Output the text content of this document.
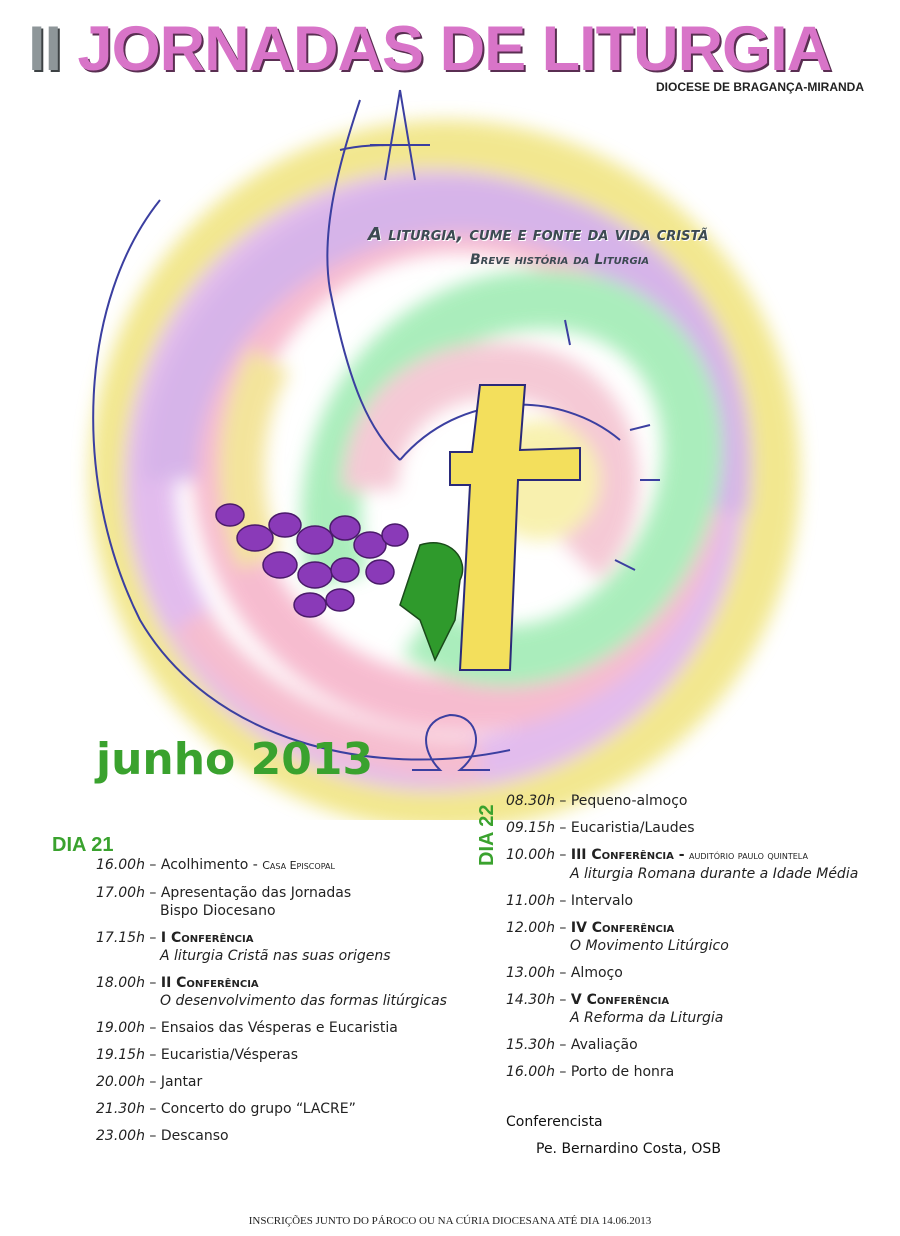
II JORNADAS DE LITURGIA
DIOCESE DE BRAGANÇA-MIRANDA
A liturgia, cume e fonte da vida cristã
Breve história da Liturgia
junho 2013
DIA 21	DIA 22
16.00h – Acolhimento - Casa Episcopal
17.00h – Apresentação das Jornadas
Bispo Diocesano
17.15h – I Conferência
A liturgia Cristã nas suas origens
18.00h – II Conferência
O desenvolvimento das formas litúrgicas
19.00h – Ensaios das Vésperas e Eucaristia
19.15h – Eucaristia/Vésperas
20.00h – Jantar
21.30h – Concerto do grupo “LACRE”
23.00h – Descanso
08.30h – Pequeno-almoço
09.15h – Eucaristia/Laudes
10.00h – III Conferência - auditório paulo quintela
A liturgia Romana durante a Idade Média
11.00h – Intervalo
12.00h – IV Conferência
O Movimento Litúrgico
13.00h – Almoço
14.30h – V Conferência
A Reforma da Liturgia
15.30h – Avaliação
16.00h – Porto de honra
Conferencista
Pe. Bernardino Costa, OSB
INSCRIÇÕES JUNTO DO PÁROCO OU NA CÚRIA DIOCESANA ATÉ DIA 14.06.2013
